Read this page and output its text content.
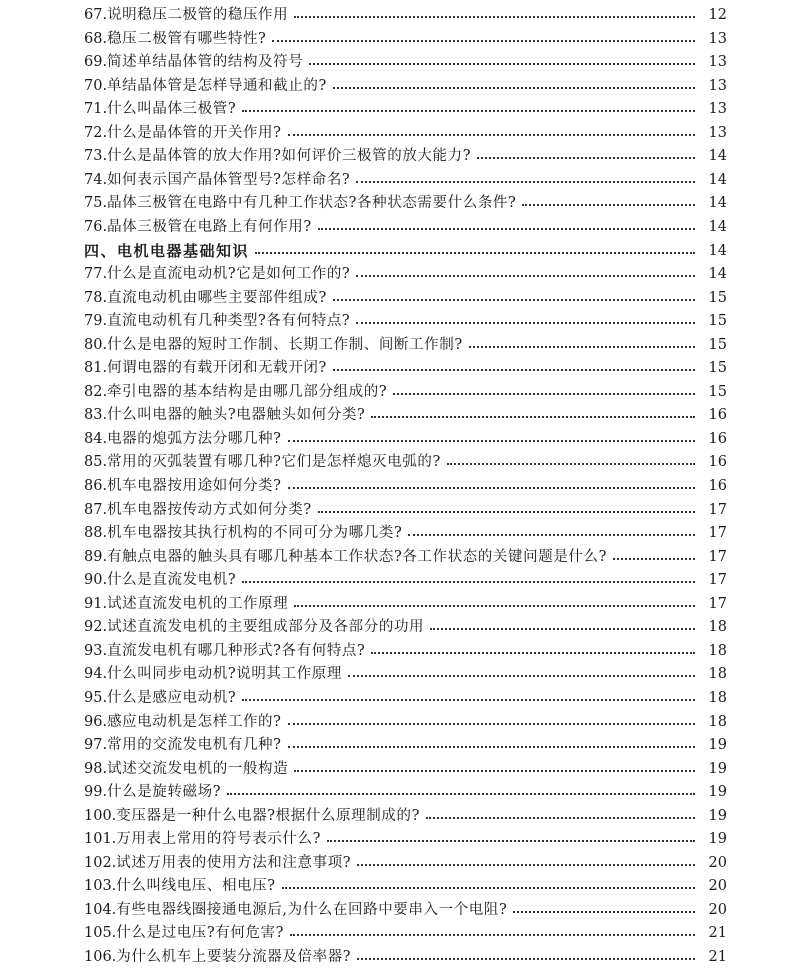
67. 说明稳压二极管的稳压作用	12
68. 稳压二极管有哪些特性?	13
69. 简述单结晶体管的结构及符号	13
70. 单结晶体管是怎样导通和截止的?	13
71. 什么叫晶体三极管?	13
72. 什么是晶体管的开关作用?	13
73. 什么是晶体管的放大作用?如何评价三极管的放大能力?	14
74. 如何表示国产晶体管型号?怎样命名?	14
75. 晶体三极管在电路中有几种工作状态?各种状态需要什么条件?	14
76. 晶体三极管在电路上有何作用?	14
四、电机电器基础知识	14
77. 什么是直流电动机?它是如何工作的?	14
78. 直流电动机由哪些主要部件组成?	15
79. 直流电动机有几种类型?各有何特点?	15
80. 什么是电器的短时工作制、长期工作制、间断工作制?	15
81. 何谓电器的有载开闭和无载开闭?	15
82. 牵引电器的基本结构是由哪几部分组成的?	15
83. 什么叫电器的触头?电器触头如何分类?	16
84. 电器的熄弧方法分哪几种?	16
85. 常用的灭弧装置有哪几种?它们是怎样熄灭电弧的?	16
86. 机车电器按用途如何分类?	16
87. 机车电器按传动方式如何分类?	17
88. 机车电器按其执行机构的不同可分为哪几类?	17
89. 有触点电器的触头具有哪几种基本工作状态?各工作状态的关键问题是什么?	17
90. 什么是直流发电机?	17
91. 试述直流发电机的工作原理	17
92. 试述直流发电机的主要组成部分及各部分的功用	18
93. 直流发电机有哪几种形式?各有何特点?	18
94. 什么叫同步电动机?说明其工作原理	18
95. 什么是感应电动机?	18
96. 感应电动机是怎样工作的?	18
97. 常用的交流发电机有几种?	19
98. 试述交流发电机的一般构造	19
99. 什么是旋转磁场?	19
100. 变压器是一种什么电器?根据什么原理制成的?	19
101. 万用表上常用的符号表示什么?	19
102. 试述万用表的使用方法和注意事项?	20
103. 什么叫线电压、相电压?	20
104. 有些电器线圈接通电源后,为什么在回路中要串入一个电阻?	20
105. 什么是过电压?有何危害?	21
106. 为什么机车上要装分流器及倍率器?	21
